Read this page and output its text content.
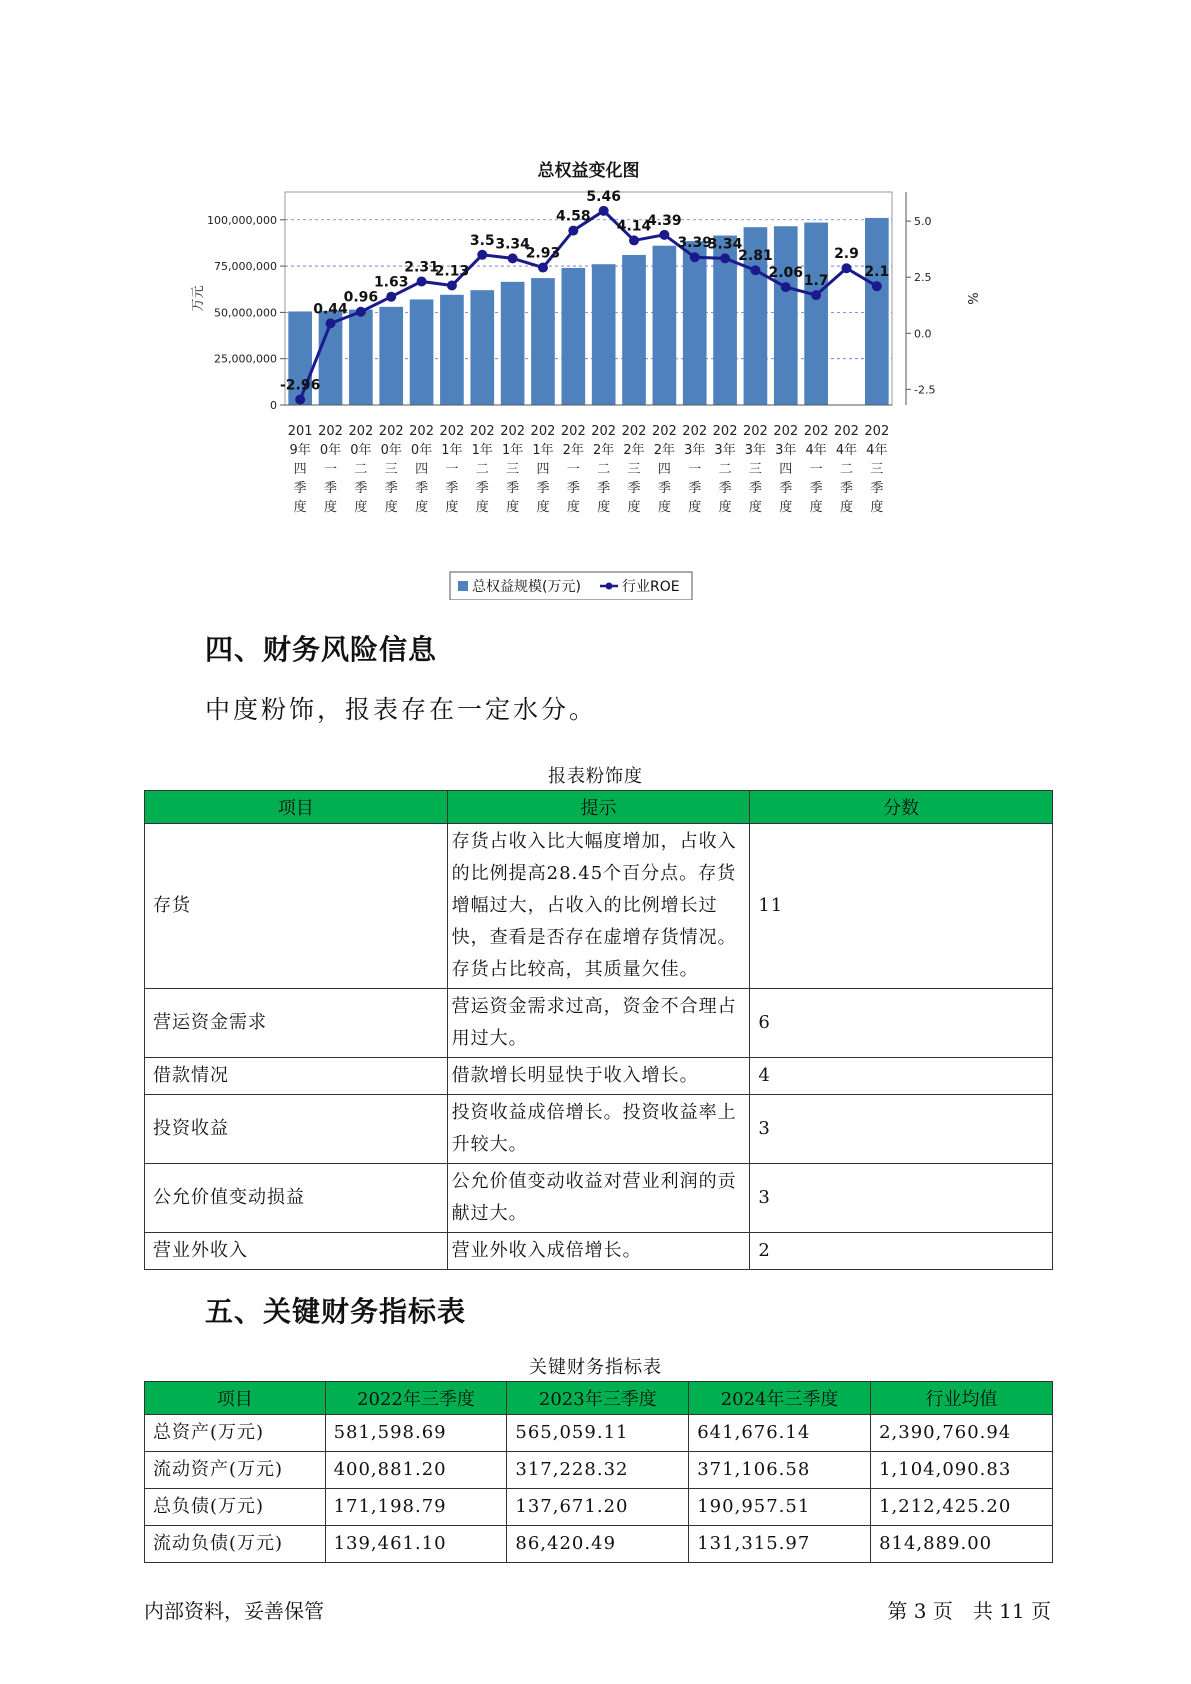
总权益变化图
0
25,000,000
50,000,000
75,000,000
100,000,000
-2.5
0.0
2.5
5.0
万元	%
-2.96
0.44
0.96
1.63
2.31
2.13
3.5 3.34
2.93
4.58
5.46
4.14
4.39
3.39
3.34
2.81
2.06
1.7
2.9
2.1
201
9年
四
季
度
202
0年
一
季
度
202
0年
二
季
度
202
0年
三
季
度
202
0年
四
季
度
202
1年
一
季
度
202
1年
二
季
度
202
1年
三
季
度
202
1年
四
季
度
202
2年
一
季
度
202
2年
二
季
度
202
2年
三
季
度
202
2年
四
季
度
202
3年
一
季
度
202
3年
二
季
度
202
3年
三
季
度
202
3年
四
季
度
202
4年
一
季
度
202
4年
二
季
度
202
4年
三
季
度
总权益规模(万元)	行业ROE
四、财务风险信息

中度粉饰，报表存在一定水分。

报表粉饰度
项目	提示	分数
存货	存货占收入比大幅度增加，占收入的比例提高28.45个百分点。存货增幅过大，占收入的比例增长过快，查看是否存在虚增存货情况。存货占比较高，其质量欠佳。	11
营运资金需求	营运资金需求过高，资金不合理占用过大。	6
借款情况	借款增长明显快于收入增长。	4
投资收益	投资收益成倍增长。投资收益率上升较大。	3
公允价值变动损益	公允价值变动收益对营业利润的贡献过大。	3
营业外收入	营业外收入成倍增长。	2
五、关键财务指标表
关键财务指标表
项目	2022年三季度	2023年三季度	2024年三季度	行业均值
总资产(万元)	581,598.69	565,059.11	641,676.14	2,390,760.94
流动资产(万元)	400,881.20	317,228.32	371,106.58	1,104,090.83
总负债(万元)	171,198.79	137,671.20	190,957.51	1,212,425.20
流动负债(万元)	139,461.10	86,420.49	131,315.97	814,889.00
内部资料，妥善保管	第 3 页　共 11 页
